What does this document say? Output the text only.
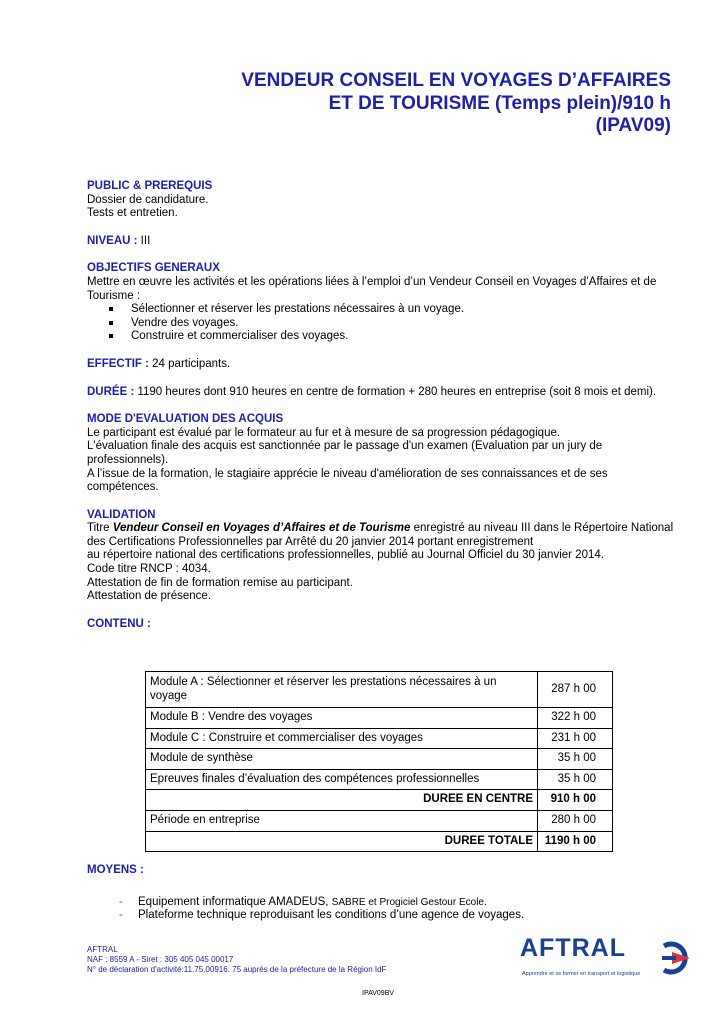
VENDEUR CONSEIL EN VOYAGES D’AFFAIRES
ET DE TOURISME (Temps plein)/910 h
(IPAV09)
PUBLIC & PREREQUIS
Dossier de candidature.
Tests et entretien.
NIVEAU : III
OBJECTIFS GENERAUX
Mettre en œuvre les activités et les opérations liées à l’emploi d’un Vendeur Conseil en Voyages d’Affaires et de Tourisme :
Sélectionner et réserver les prestations nécessaires à un voyage.
Vendre des voyages.
Construire et commercialiser des voyages.
EFFECTIF : 24 participants.
DURÉE : 1190 heures dont 910 heures en centre de formation + 280 heures en entreprise (soit 8 mois et demi).
MODE D'EVALUATION DES ACQUIS
Le participant est évalué par le formateur au fur et à mesure de sa progression pédagogique.
L'évaluation finale des acquis est sanctionnée par le passage d'un examen (Evaluation par un jury de professionnels).
A l’issue de la formation, le stagiaire apprécie le niveau d'amélioration de ses connaissances et de ses compétences.
VALIDATION
Titre Vendeur Conseil en Voyages d’Affaires et de Tourisme enregistré au niveau III dans le Répertoire National des Certifications Professionnelles par Arrêté du 20 janvier 2014 portant enregistrement
au répertoire national des certifications professionnelles, publié au Journal Officiel du 30 janvier 2014.
Code titre RNCP : 4034.
Attestation de fin de formation remise au participant.
Attestation de présence.
CONTENU :
Module A : Sélectionner et réserver les prestations nécessaires à un voyage	287 h 00
Module B : Vendre des voyages	322 h 00
Module C : Construire et commercialiser des voyages	231 h 00
Module de synthèse	35 h 00
Epreuves finales d’évaluation des compétences professionnelles	35 h 00
DUREE EN CENTRE	910 h 00
Période en entreprise	280 h 00
DUREE TOTALE	1190 h 00
MOYENS :
- Equipement informatique AMADEUS, SABRE et Progiciel Gestour Ecole.
- Plateforme technique reproduisant les conditions d’une agence de voyages.
AFTRAL
NAF : 8559 A - Siret : 305 405 045 00017
N° de déclaration d'activité:11.75.00916. 75 auprès de la préfecture de la Région IdF
IPAV09BV
AFTRAL
Apprendre et se former en transport et logistique
